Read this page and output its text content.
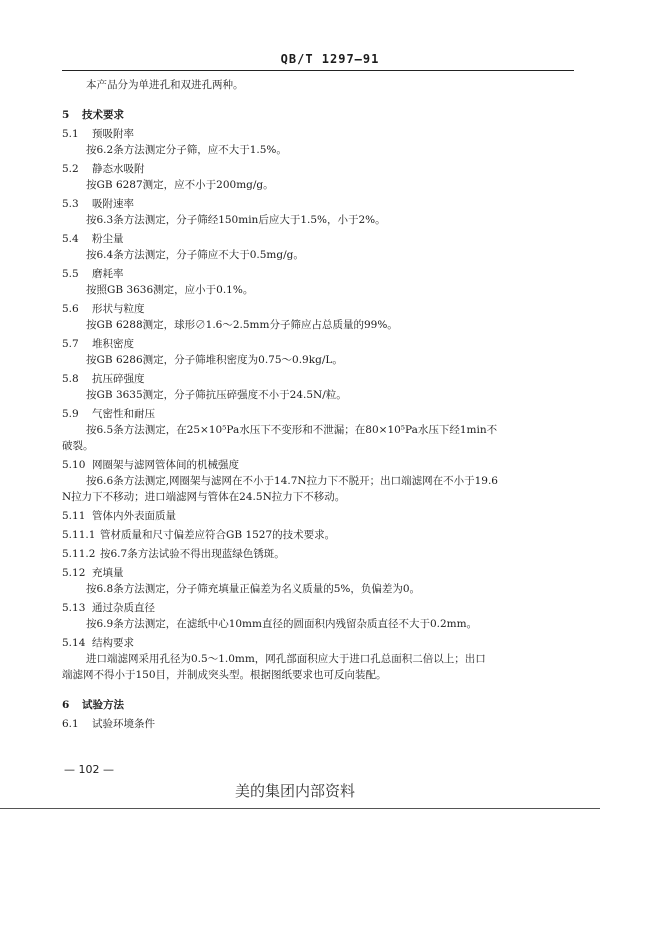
QB/T 1297—91
本产品分为单进孔和双进孔两种。
5 技术要求
5.1 预吸附率
按6.2条方法测定分子筛，应不大于1.5%。
5.2 静态水吸附
按GB 6287测定，应不小于200mg/g。
5.3 吸附速率
按6.3条方法测定，分子筛经150min后应大于1.5%，小于2%。
5.4 粉尘量
按6.4条方法测定，分子筛应不大于0.5mg/g。
5.5 磨耗率
按照GB 3636测定，应小于0.1%。
5.6 形状与粒度
按GB 6288测定，球形∅1.6～2.5mm分子筛应占总质量的99%。
5.7 堆积密度
按GB 6286测定，分子筛堆积密度为0.75～0.9kg/L。
5.8 抗压碎强度
按GB 3635测定，分子筛抗压碎强度不小于24.5N/粒。
5.9 气密性和耐压
按6.5条方法测定，在25×10⁵Pa水压下不变形和不泄漏；在80×10⁵Pa水压下经1min不
破裂。
5.10 网圈架与滤网管体间的机械强度
按6.6条方法测定,网圈架与滤网在不小于14.7N拉力下不脱开；出口端滤网在不小于19.6
N拉力下不移动；进口端滤网与管体在24.5N拉力下不移动。
5.11 管体内外表面质量
5.11.1 管材质量和尺寸偏差应符合GB 1527的技术要求。
5.11.2 按6.7条方法试验不得出现蓝绿色锈斑。
5.12 充填量
按6.8条方法测定，分子筛充填量正偏差为名义质量的5%，负偏差为0。
5.13 通过杂质直径
按6.9条方法测定，在滤纸中心10mm直径的圆面积内残留杂质直径不大于0.2mm。
5.14 结构要求
进口端滤网采用孔径为0.5～1.0mm，网孔部面积应大于进口孔总面积二倍以上；出口
端滤网不得小于150目，并制成突头型。根据图纸要求也可反向装配。
6 试验方法
6.1 试验环境条件
— 102 —
美的集团内部资料
